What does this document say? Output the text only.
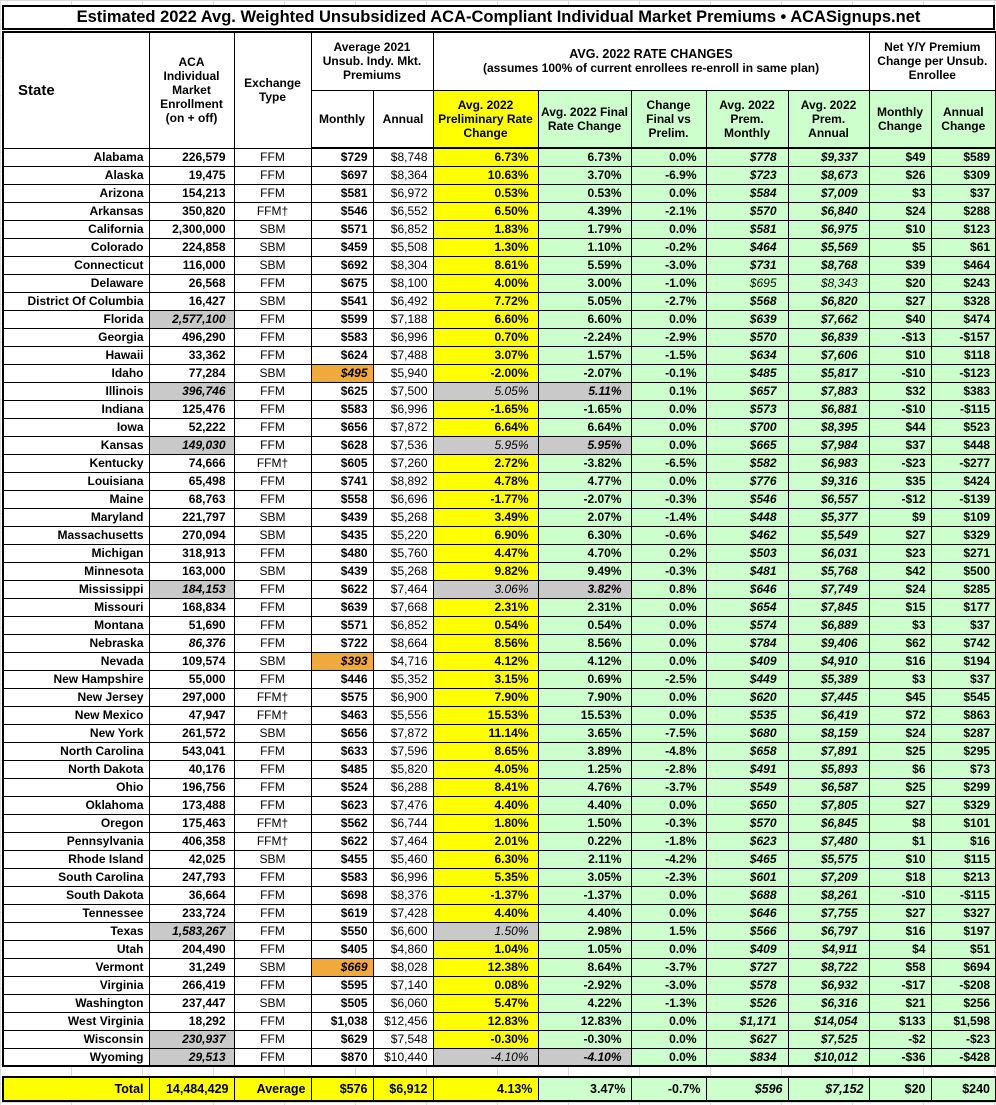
Estimated 2022 Avg. Weighted Unsubsidized ACA-Compliant Individual Market Premiums • ACASignups.net
State	ACA Individual Market Enrollment (on + off)	Exchange Type	Average 2021 Unsub. Indy. Mkt. Premiums		AVG. 2022 RATE CHANGES
(assumes 100% of current enrollees re-enroll in same plan)					Net Y/Y Premium Change per Unsub. Enrollee	
			Monthly	Annual	Avg. 2022 Preliminary Rate Change	Avg. 2022 Final Rate Change	Change Final vs Prelim.	Avg. 2022 Prem. Monthly	Avg. 2022 Prem. Annual	Monthly Change	Annual Change
Alabama	226,579	FFM	$729	$8,748	6.73%	6.73%	0.0%	$778	$9,337	$49	$589
Alaska	19,475	FFM	$697	$8,364	10.63%	3.70%	-6.9%	$723	$8,673	$26	$309
Arizona	154,213	FFM	$581	$6,972	0.53%	0.53%	0.0%	$584	$7,009	$3	$37
Arkansas	350,820	FFM†	$546	$6,552	6.50%	4.39%	-2.1%	$570	$6,840	$24	$288
California	2,300,000	SBM	$571	$6,852	1.83%	1.79%	0.0%	$581	$6,975	$10	$123
Colorado	224,858	SBM	$459	$5,508	1.30%	1.10%	-0.2%	$464	$5,569	$5	$61
Connecticut	116,000	SBM	$692	$8,304	8.61%	5.59%	-3.0%	$731	$8,768	$39	$464
Delaware	26,568	FFM	$675	$8,100	4.00%	3.00%	-1.0%	$695	$8,343	$20	$243
District Of Columbia	16,427	SBM	$541	$6,492	7.72%	5.05%	-2.7%	$568	$6,820	$27	$328
Florida	2,577,100	FFM	$599	$7,188	6.60%	6.60%	0.0%	$639	$7,662	$40	$474
Georgia	496,290	FFM	$583	$6,996	0.70%	-2.24%	-2.9%	$570	$6,839	-$13	-$157
Hawaii	33,362	FFM	$624	$7,488	3.07%	1.57%	-1.5%	$634	$7,606	$10	$118
Idaho	77,284	SBM	$495	$5,940	-2.00%	-2.07%	-0.1%	$485	$5,817	-$10	-$123
Illinois	396,746	FFM	$625	$7,500	5.05%	5.11%	0.1%	$657	$7,883	$32	$383
Indiana	125,476	FFM	$583	$6,996	-1.65%	-1.65%	0.0%	$573	$6,881	-$10	-$115
Iowa	52,222	FFM	$656	$7,872	6.64%	6.64%	0.0%	$700	$8,395	$44	$523
Kansas	149,030	FFM	$628	$7,536	5.95%	5.95%	0.0%	$665	$7,984	$37	$448
Kentucky	74,666	FFM†	$605	$7,260	2.72%	-3.82%	-6.5%	$582	$6,983	-$23	-$277
Louisiana	65,498	FFM	$741	$8,892	4.78%	4.77%	0.0%	$776	$9,316	$35	$424
Maine	68,763	FFM	$558	$6,696	-1.77%	-2.07%	-0.3%	$546	$6,557	-$12	-$139
Maryland	221,797	SBM	$439	$5,268	3.49%	2.07%	-1.4%	$448	$5,377	$9	$109
Massachusetts	270,094	SBM	$435	$5,220	6.90%	6.30%	-0.6%	$462	$5,549	$27	$329
Michigan	318,913	FFM	$480	$5,760	4.47%	4.70%	0.2%	$503	$6,031	$23	$271
Minnesota	163,000	SBM	$439	$5,268	9.82%	9.49%	-0.3%	$481	$5,768	$42	$500
Mississippi	184,153	FFM	$622	$7,464	3.06%	3.82%	0.8%	$646	$7,749	$24	$285
Missouri	168,834	FFM	$639	$7,668	2.31%	2.31%	0.0%	$654	$7,845	$15	$177
Montana	51,690	FFM	$571	$6,852	0.54%	0.54%	0.0%	$574	$6,889	$3	$37
Nebraska	86,376	FFM	$722	$8,664	8.56%	8.56%	0.0%	$784	$9,406	$62	$742
Nevada	109,574	SBM	$393	$4,716	4.12%	4.12%	0.0%	$409	$4,910	$16	$194
New Hampshire	55,000	FFM	$446	$5,352	3.15%	0.69%	-2.5%	$449	$5,389	$3	$37
New Jersey	297,000	FFM†	$575	$6,900	7.90%	7.90%	0.0%	$620	$7,445	$45	$545
New Mexico	47,947	FFM†	$463	$5,556	15.53%	15.53%	0.0%	$535	$6,419	$72	$863
New York	261,572	SBM	$656	$7,872	11.14%	3.65%	-7.5%	$680	$8,159	$24	$287
North Carolina	543,041	FFM	$633	$7,596	8.65%	3.89%	-4.8%	$658	$7,891	$25	$295
North Dakota	40,176	FFM	$485	$5,820	4.05%	1.25%	-2.8%	$491	$5,893	$6	$73
Ohio	196,756	FFM	$524	$6,288	8.41%	4.76%	-3.7%	$549	$6,587	$25	$299
Oklahoma	173,488	FFM	$623	$7,476	4.40%	4.40%	0.0%	$650	$7,805	$27	$329
Oregon	175,463	FFM†	$562	$6,744	1.80%	1.50%	-0.3%	$570	$6,845	$8	$101
Pennsylvania	406,358	FFM†	$622	$7,464	2.01%	0.22%	-1.8%	$623	$7,480	$1	$16
Rhode Island	42,025	SBM	$455	$5,460	6.30%	2.11%	-4.2%	$465	$5,575	$10	$115
South Carolina	247,793	FFM	$583	$6,996	5.35%	3.05%	-2.3%	$601	$7,209	$18	$213
South Dakota	36,664	FFM	$698	$8,376	-1.37%	-1.37%	0.0%	$688	$8,261	-$10	-$115
Tennessee	233,724	FFM	$619	$7,428	4.40%	4.40%	0.0%	$646	$7,755	$27	$327
Texas	1,583,267	FFM	$550	$6,600	1.50%	2.98%	1.5%	$566	$6,797	$16	$197
Utah	204,490	FFM	$405	$4,860	1.04%	1.05%	0.0%	$409	$4,911	$4	$51
Vermont	31,249	SBM	$669	$8,028	12.38%	8.64%	-3.7%	$727	$8,722	$58	$694
Virginia	266,419	FFM	$595	$7,140	0.08%	-2.92%	-3.0%	$578	$6,932	-$17	-$208
Washington	237,447	SBM	$505	$6,060	5.47%	4.22%	-1.3%	$526	$6,316	$21	$256
West Virginia	18,292	FFM	$1,038	$12,456	12.83%	12.83%	0.0%	$1,171	$14,054	$133	$1,598
Wisconsin	230,937	FFM	$629	$7,548	-0.30%	-0.30%	0.0%	$627	$7,525	-$2	-$23
Wyoming	29,513	FFM	$870	$10,440	-4.10%	-4.10%	0.0%	$834	$10,012	-$36	-$428
Total	14,484,429	Average	$576	$6,912	4.13%	3.47%	-0.7%	$596	$7,152	$20	$240
